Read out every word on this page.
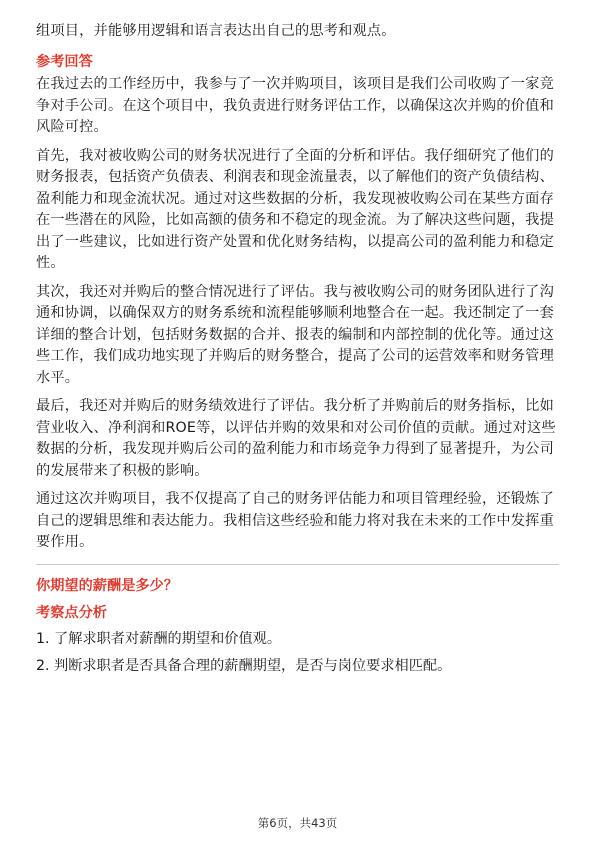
组项目，并能够用逻辑和语言表达出自己的思考和观点。
参考回答
在我过去的工作经历中，我参与了一次并购项目，该项目是我们公司收购了一家竞
争对手公司。在这个项目中，我负责进行财务评估工作，以确保这次并购的价值和
风险可控。
首先，我对被收购公司的财务状况进行了全面的分析和评估。我仔细研究了他们的
财务报表，包括资产负债表、利润表和现金流量表，以了解他们的资产负债结构、
盈利能力和现金流状况。通过对这些数据的分析，我发现被收购公司在某些方面存
在一些潜在的风险，比如高额的债务和不稳定的现金流。为了解决这些问题，我提
出了一些建议，比如进行资产处置和优化财务结构，以提高公司的盈利能力和稳定
性。
其次，我还对并购后的整合情况进行了评估。我与被收购公司的财务团队进行了沟
通和协调，以确保双方的财务系统和流程能够顺利地整合在一起。我还制定了一套
详细的整合计划，包括财务数据的合并、报表的编制和内部控制的优化等。通过这
些工作，我们成功地实现了并购后的财务整合，提高了公司的运营效率和财务管理
水平。
最后，我还对并购后的财务绩效进行了评估。我分析了并购前后的财务指标，比如
营业收入、净利润和ROE等，以评估并购的效果和对公司价值的贡献。通过对这些
数据的分析，我发现并购后公司的盈利能力和市场竞争力得到了显著提升，为公司
的发展带来了积极的影响。
通过这次并购项目，我不仅提高了自己的财务评估能力和项目管理经验，还锻炼了
自己的逻辑思维和表达能力。我相信这些经验和能力将对我在未来的工作中发挥重
要作用。
你期望的薪酬是多少？
考察点分析
1. 了解求职者对薪酬的期望和价值观。
2. 判断求职者是否具备合理的薪酬期望，是否与岗位要求相匹配。
第6页，共43页
